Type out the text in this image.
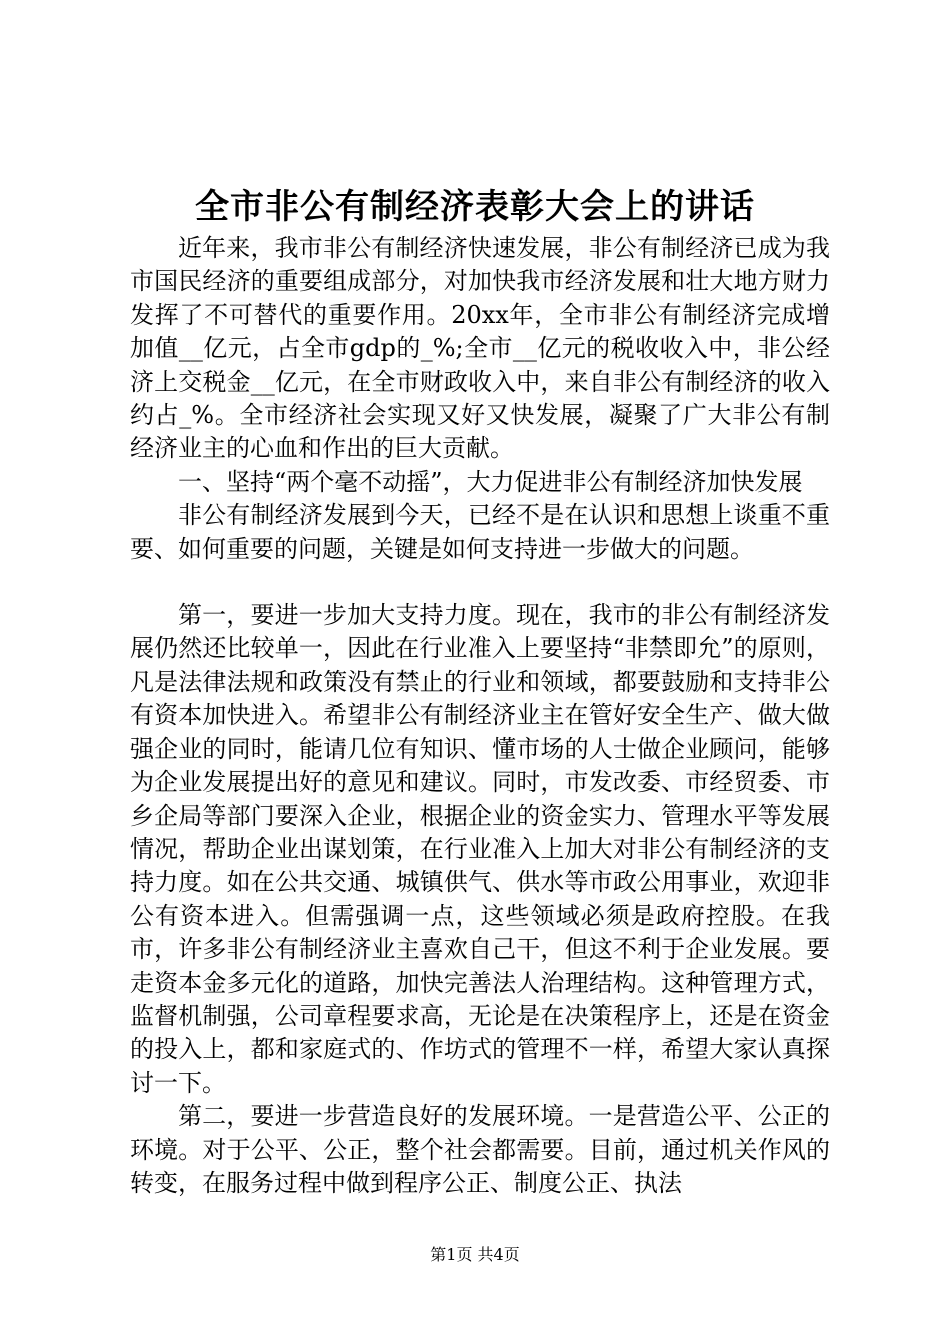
全市非公有制经济表彰大会上的讲话

近年来，我市非公有制经济快速发展，非公有制经济已成为我市国民经济的重要组成部分，对加快我市经济发展和壮大地方财力发挥了不可替代的重要作用。20xx年，全市非公有制经济完成增加值__亿元，占全市gdp的_%;全市__亿元的税收收入中，非公经济上交税金__亿元，在全市财政收入中，来自非公有制经济的收入约占_%。全市经济社会实现又好又快发展，凝聚了广大非公有制经济业主的心血和作出的巨大贡献。

一、坚持“两个毫不动摇”，大力促进非公有制经济加快发展

非公有制经济发展到今天，已经不是在认识和思想上谈重不重要、如何重要的问题，关键是如何支持进一步做大的问题。

第一，要进一步加大支持力度。现在，我市的非公有制经济发展仍然还比较单一，因此在行业准入上要坚持“非禁即允”的原则，凡是法律法规和政策没有禁止的行业和领域，都要鼓励和支持非公有资本加快进入。希望非公有制经济业主在管好安全生产、做大做强企业的同时，能请几位有知识、懂市场的人士做企业顾问，能够为企业发展提出好的意见和建议。同时，市发改委、市经贸委、市乡企局等部门要深入企业，根据企业的资金实力、管理水平等发展情况，帮助企业出谋划策，在行业准入上加大对非公有制经济的支持力度。如在公共交通、城镇供气、供水等市政公用事业，欢迎非公有资本进入。但需强调一点，这些领域必须是政府控股。在我市，许多非公有制经济业主喜欢自己干，但这不利于企业发展。要走资本金多元化的道路，加快完善法人治理结构。这种管理方式，监督机制强，公司章程要求高，无论是在决策程序上，还是在资金的投入上，都和家庭式的、作坊式的管理不一样，希望大家认真探讨一下。

第二，要进一步营造良好的发展环境。一是营造公平、公正的环境。对于公平、公正，整个社会都需要。目前，通过机关作风的转变，在服务过程中做到程序公正、制度公正、执法

第1页 共4页
